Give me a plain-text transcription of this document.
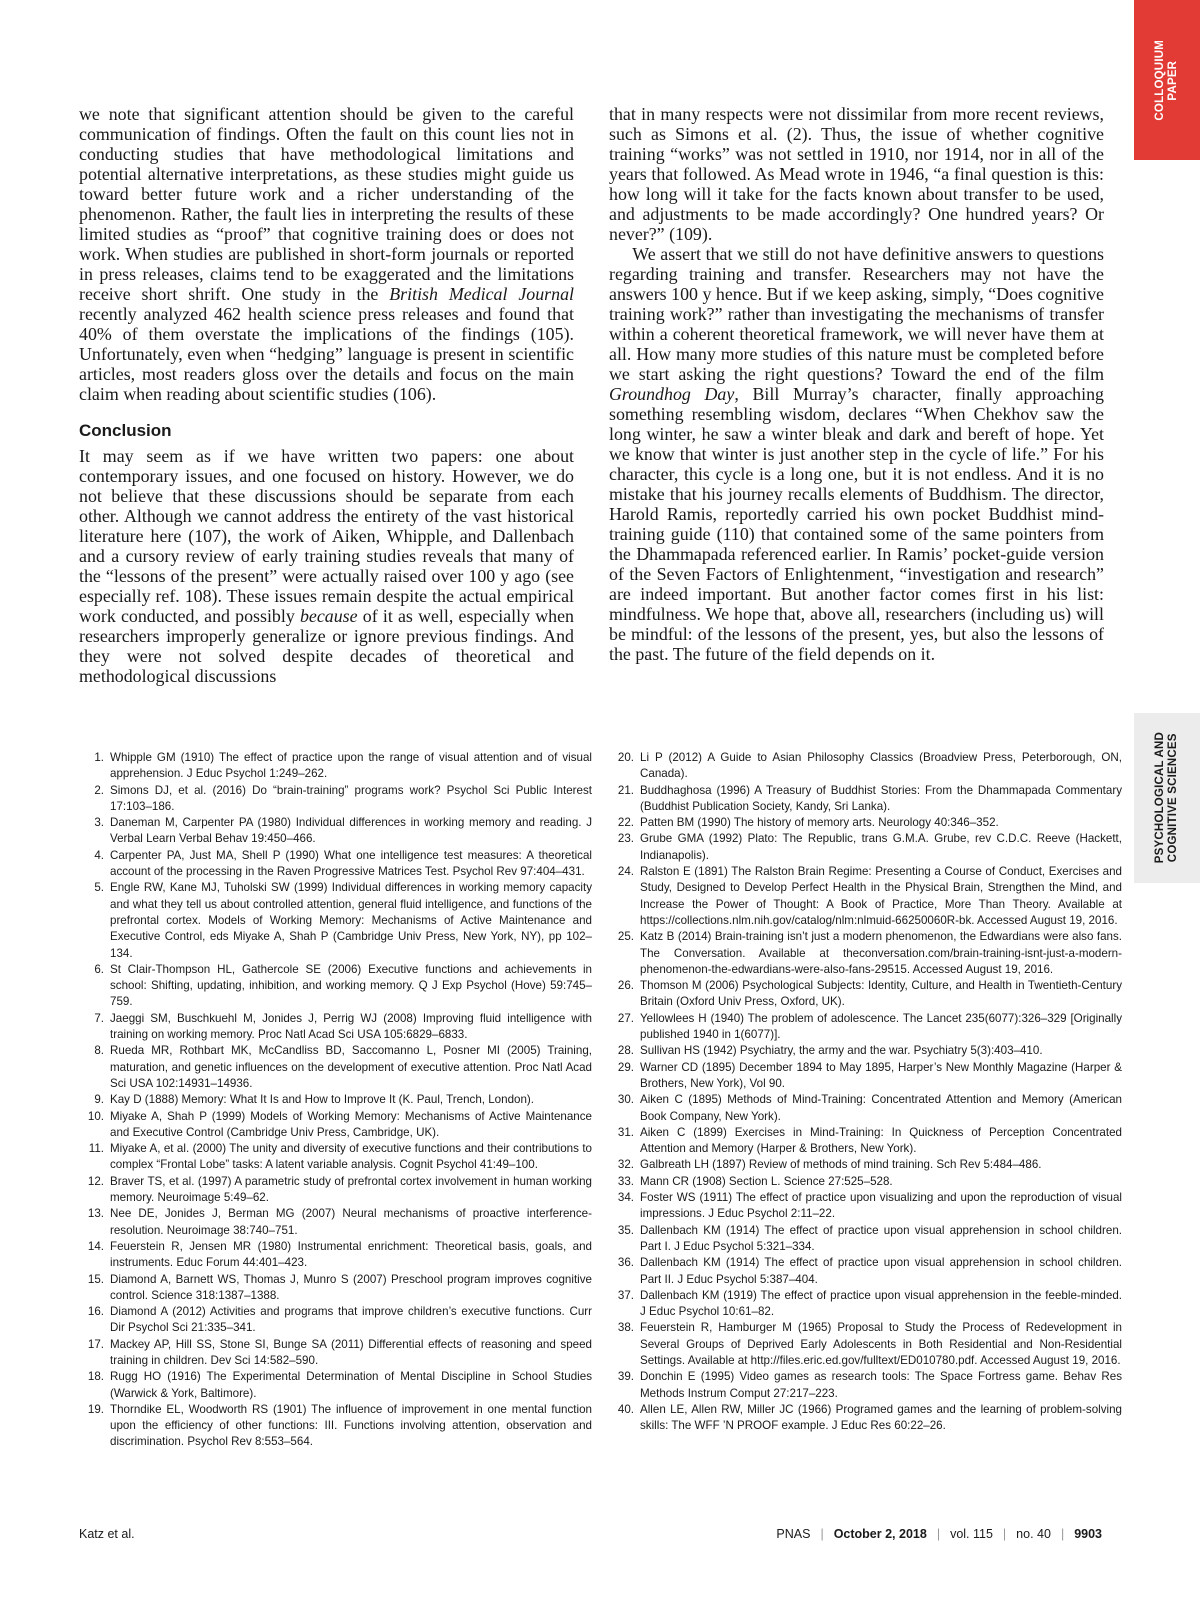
COLLOQUIUM PAPER
PSYCHOLOGICAL AND COGNITIVE SCIENCES

we note that significant attention should be given to the careful communication of findings. Often the fault on this count lies not in conducting studies that have methodological limitations and potential alternative interpretations, as these studies might guide us toward better future work and a richer understanding of the phenomenon. Rather, the fault lies in interpreting the results of these limited studies as “proof” that cognitive training does or does not work. When studies are published in short-form journals or reported in press releases, claims tend to be exaggerated and the limitations receive short shrift. One study in the British Medical Journal recently analyzed 462 health science press releases and found that 40% of them overstate the implications of the findings (105). Unfortunately, even when “hedging” language is present in scientific articles, most readers gloss over the details and focus on the main claim when reading about scientific studies (106).

Conclusion

It may seem as if we have written two papers: one about contemporary issues, and one focused on history. However, we do not believe that these discussions should be separate from each other. Although we cannot address the entirety of the vast historical literature here (107), the work of Aiken, Whipple, and Dallenbach and a cursory review of early training studies reveals that many of the “lessons of the present” were actually raised over 100 y ago (see especially ref. 108). These issues remain despite the actual empirical work conducted, and possibly because of it as well, especially when researchers improperly generalize or ignore previous findings. And they were not solved despite decades of theoretical and methodological discussions

that in many respects were not dissimilar from more recent reviews, such as Simons et al. (2). Thus, the issue of whether cognitive training “works” was not settled in 1910, nor 1914, nor in all of the years that followed. As Mead wrote in 1946, “a final question is this: how long will it take for the facts known about transfer to be used, and adjustments to be made accordingly? One hundred years? Or never?” (109).

We assert that we still do not have definitive answers to questions regarding training and transfer. Researchers may not have the answers 100 y hence. But if we keep asking, simply, “Does cognitive training work?” rather than investigating the mechanisms of transfer within a coherent theoretical framework, we will never have them at all. How many more studies of this nature must be completed before we start asking the right questions? Toward the end of the film Groundhog Day, Bill Murray’s character, finally approaching something resembling wisdom, declares “When Chekhov saw the long winter, he saw a winter bleak and dark and bereft of hope. Yet we know that winter is just another step in the cycle of life.” For his character, this cycle is a long one, but it is not endless. And it is no mistake that his journey recalls elements of Buddhism. The director, Harold Ramis, reportedly carried his own pocket Buddhist mind-training guide (110) that contained some of the same pointers from the Dhammapada referenced earlier. In Ramis’ pocket-guide version of the Seven Factors of Enlightenment, “investigation and research” are indeed important. But another factor comes first in his list: mindfulness. We hope that, above all, researchers (including us) will be mindful: of the lessons of the present, yes, but also the lessons of the past. The future of the field depends on it.

1. Whipple GM (1910) The effect of practice upon the range of visual attention and of visual apprehension. J Educ Psychol 1:249–262.
2. Simons DJ, et al. (2016) Do “brain-training” programs work? Psychol Sci Public Interest 17:103–186.
3. Daneman M, Carpenter PA (1980) Individual differences in working memory and reading. J Verbal Learn Verbal Behav 19:450–466.
4. Carpenter PA, Just MA, Shell P (1990) What one intelligence test measures: A theoretical account of the processing in the Raven Progressive Matrices Test. Psychol Rev 97:404–431.
5. Engle RW, Kane MJ, Tuholski SW (1999) Individual differences in working memory capacity and what they tell us about controlled attention, general fluid intelligence, and functions of the prefrontal cortex. Models of Working Memory: Mechanisms of Active Maintenance and Executive Control, eds Miyake A, Shah P (Cambridge Univ Press, New York, NY), pp 102–134.
6. St Clair-Thompson HL, Gathercole SE (2006) Executive functions and achievements in school: Shifting, updating, inhibition, and working memory. Q J Exp Psychol (Hove) 59:745–759.
7. Jaeggi SM, Buschkuehl M, Jonides J, Perrig WJ (2008) Improving fluid intelligence with training on working memory. Proc Natl Acad Sci USA 105:6829–6833.
8. Rueda MR, Rothbart MK, McCandliss BD, Saccomanno L, Posner MI (2005) Training, maturation, and genetic influences on the development of executive attention. Proc Natl Acad Sci USA 102:14931–14936.
9. Kay D (1888) Memory: What It Is and How to Improve It (K. Paul, Trench, London).
10. Miyake A, Shah P (1999) Models of Working Memory: Mechanisms of Active Maintenance and Executive Control (Cambridge Univ Press, Cambridge, UK).
11. Miyake A, et al. (2000) The unity and diversity of executive functions and their contributions to complex “Frontal Lobe” tasks: A latent variable analysis. Cognit Psychol 41:49–100.
12. Braver TS, et al. (1997) A parametric study of prefrontal cortex involvement in human working memory. Neuroimage 5:49–62.
13. Nee DE, Jonides J, Berman MG (2007) Neural mechanisms of proactive interference-resolution. Neuroimage 38:740–751.
14. Feuerstein R, Jensen MR (1980) Instrumental enrichment: Theoretical basis, goals, and instruments. Educ Forum 44:401–423.
15. Diamond A, Barnett WS, Thomas J, Munro S (2007) Preschool program improves cognitive control. Science 318:1387–1388.
16. Diamond A (2012) Activities and programs that improve children’s executive functions. Curr Dir Psychol Sci 21:335–341.
17. Mackey AP, Hill SS, Stone SI, Bunge SA (2011) Differential effects of reasoning and speed training in children. Dev Sci 14:582–590.
18. Rugg HO (1916) The Experimental Determination of Mental Discipline in School Studies (Warwick & York, Baltimore).
19. Thorndike EL, Woodworth RS (1901) The influence of improvement in one mental function upon the efficiency of other functions: III. Functions involving attention, observation and discrimination. Psychol Rev 8:553–564.
20. Li P (2012) A Guide to Asian Philosophy Classics (Broadview Press, Peterborough, ON, Canada).
21. Buddhaghosa (1996) A Treasury of Buddhist Stories: From the Dhammapada Commentary (Buddhist Publication Society, Kandy, Sri Lanka).
22. Patten BM (1990) The history of memory arts. Neurology 40:346–352.
23. Grube GMA (1992) Plato: The Republic, trans G.M.A. Grube, rev C.D.C. Reeve (Hackett, Indianapolis).
24. Ralston E (1891) The Ralston Brain Regime: Presenting a Course of Conduct, Exercises and Study, Designed to Develop Perfect Health in the Physical Brain, Strengthen the Mind, and Increase the Power of Thought: A Book of Practice, More Than Theory. Available at https://collections.nlm.nih.gov/catalog/nlm:nlmuid-66250060R-bk. Accessed August 19, 2016.
25. Katz B (2014) Brain-training isn’t just a modern phenomenon, the Edwardians were also fans. The Conversation. Available at theconversation.com/brain-training-isnt-just-a-modern-phenomenon-the-edwardians-were-also-fans-29515. Accessed August 19, 2016.
26. Thomson M (2006) Psychological Subjects: Identity, Culture, and Health in Twentieth-Century Britain (Oxford Univ Press, Oxford, UK).
27. Yellowlees H (1940) The problem of adolescence. The Lancet 235(6077):326–329 [Originally published 1940 in 1(6077)].
28. Sullivan HS (1942) Psychiatry, the army and the war. Psychiatry 5(3):403–410.
29. Warner CD (1895) December 1894 to May 1895, Harper’s New Monthly Magazine (Harper & Brothers, New York), Vol 90.
30. Aiken C (1895) Methods of Mind-Training: Concentrated Attention and Memory (American Book Company, New York).
31. Aiken C (1899) Exercises in Mind-Training: In Quickness of Perception Concentrated Attention and Memory (Harper & Brothers, New York).
32. Galbreath LH (1897) Review of methods of mind training. Sch Rev 5:484–486.
33. Mann CR (1908) Section L. Science 27:525–528.
34. Foster WS (1911) The effect of practice upon visualizing and upon the reproduction of visual impressions. J Educ Psychol 2:11–22.
35. Dallenbach KM (1914) The effect of practice upon visual apprehension in school children. Part I. J Educ Psychol 5:321–334.
36. Dallenbach KM (1914) The effect of practice upon visual apprehension in school children. Part II. J Educ Psychol 5:387–404.
37. Dallenbach KM (1919) The effect of practice upon visual apprehension in the feeble-minded. J Educ Psychol 10:61–82.
38. Feuerstein R, Hamburger M (1965) Proposal to Study the Process of Redevelopment in Several Groups of Deprived Early Adolescents in Both Residential and Non-Residential Settings. Available at http://files.eric.ed.gov/fulltext/ED010780.pdf. Accessed August 19, 2016.
39. Donchin E (1995) Video games as research tools: The Space Fortress game. Behav Res Methods Instrum Comput 27:217–223.
40. Allen LE, Allen RW, Miller JC (1966) Programed games and the learning of problem-solving skills: The WFF ’N PROOF example. J Educ Res 60:22–26.
Katz et al.	PNAS | October 2, 2018 | vol. 115 | no. 40 | 9903
